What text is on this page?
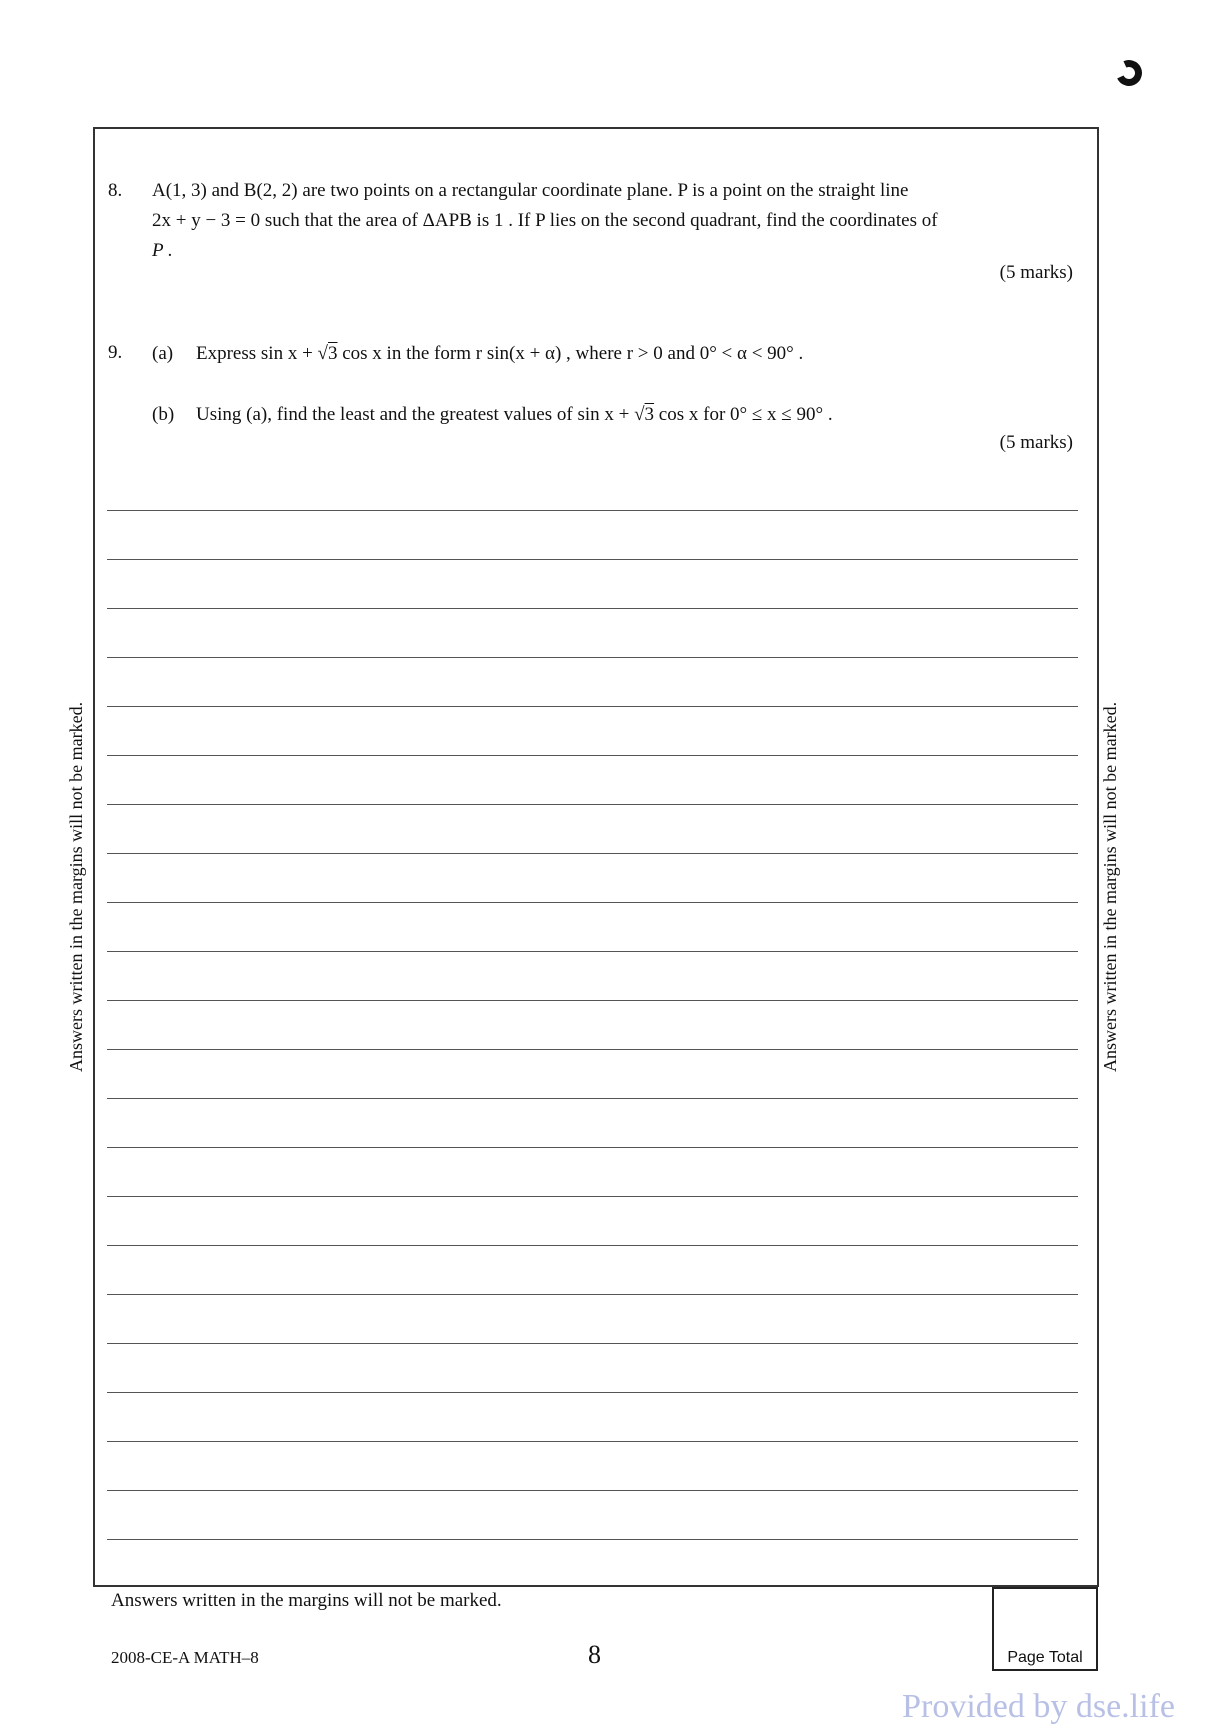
8. A(1, 3) and B(2, 2) are two points on a rectangular coordinate plane. P is a point on the straight line
2x + y − 3 = 0 such that the area of ΔAPB is 1 . If P lies on the second quadrant, find the coordinates of
P .
(5 marks)
9. (a) Express sin x + √3 cos x in the form r sin(x + α) , where r > 0 and 0° < α < 90° .
(b) Using (a), find the least and the greatest values of sin x + √3 cos x for 0° ≤ x ≤ 90° .
(5 marks)
Answers written in the margins will not be marked.	Answers written in the margins will not be marked.
Answers written in the margins will not be marked.
2008-CE-A MATH–8	8	Page Total
Provided by dse.life
